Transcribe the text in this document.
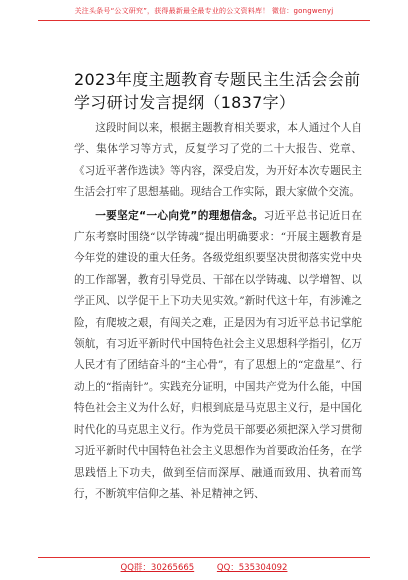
关注头条号“公文研究”，获得最新最全最专业的公文资料库！ 微信：gongwenyj
2023年度主题教育专题民主生活会会前学习研讨发言提纲（1837字）

这段时间以来，根据主题教育相关要求，本人通过个人自学、集体学习等方式，反复学习了党的二十大报告、党章、《习近平著作选读》等内容，深受启发，为开好本次专题民主生活会打牢了思想基础。现结合工作实际，跟大家做个交流。

一要坚定“一心向党”的理想信念。习近平总书记近日在广东考察时围绕“以学铸魂”提出明确要求：“开展主题教育是今年党的建设的重大任务。各级党组织要坚决贯彻落实党中央的工作部署，教育引导党员、干部在以学铸魂、以学增智、以学正风、以学促干上下功夫见实效。”新时代这十年，有涉滩之险，有爬坡之艰，有闯关之难，正是因为有习近平总书记掌舵领航，有习近平新时代中国特色社会主义思想科学指引，亿万人民才有了团结奋斗的“主心骨”，有了思想上的“定盘星”、行动上的“指南针”。实践充分证明，中国共产党为什么能，中国特色社会主义为什么好，归根到底是马克思主义行，是中国化时代化的马克思主义行。作为党员干部要必须把深入学习贯彻习近平新时代中国特色社会主义思想作为首要政治任务，在学思践悟上下功夫，做到至信而深厚、融通而致用、执着而笃行，不断筑牢信仰之基、补足精神之钙、

QQ群：30265665	QQ：535304092
